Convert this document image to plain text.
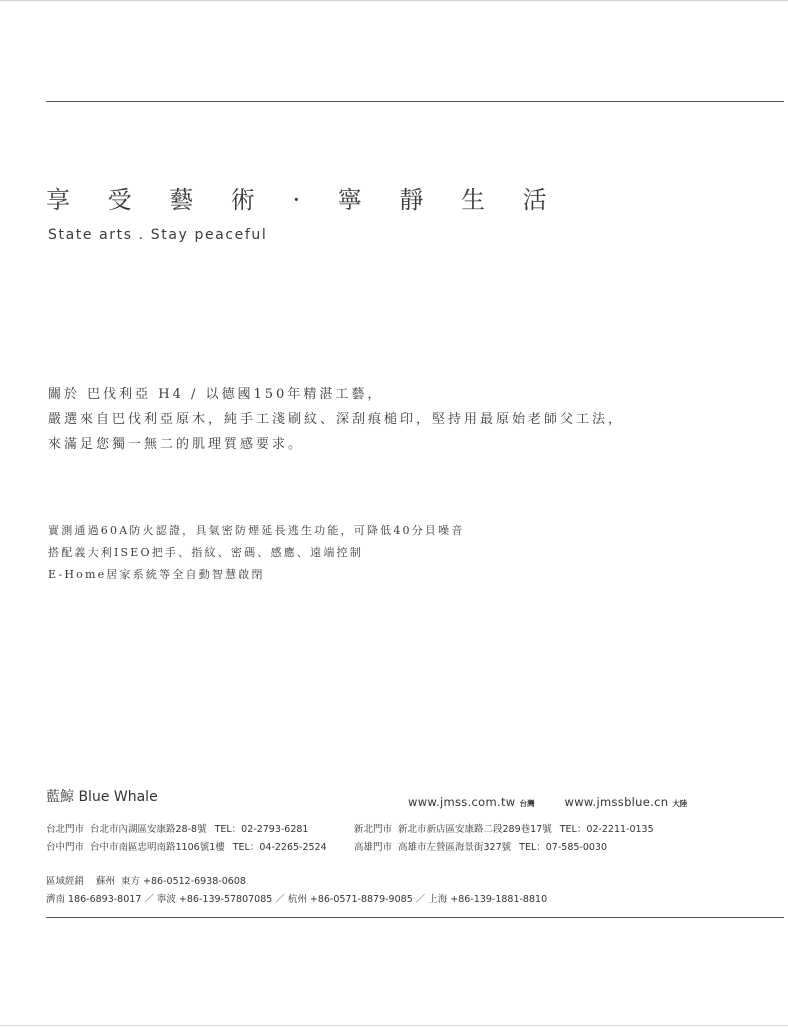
享 受 藝 術 · 寧 靜 生 活

State arts . Stay peaceful

關於 巴伐利亞 H4 / 以德國150年精湛工藝，
嚴選來自巴伐利亞原木，純手工淺刷紋、深刮痕槌印，堅持用最原始老師父工法，
來滿足您獨一無二的肌理質感要求。

實測通過60A防火認證，具氣密防煙延長逃生功能，可降低40分貝噪音
搭配義大利ISEO把手、指紋、密碼、感應、遠端控制
E-Home居家系統等全自動智慧啟閉

藍鯨 Blue Whale	www.jmss.com.tw 台灣	www.jmssblue.cn 大陸
台北門市 台北市內湖區安康路28-8號 TEL：02-2793-6281	新北門市 新北市新店區安康路二段289巷17號 TEL：02-2211-0135
台中門市 台中市南區忠明南路1106號1樓 TEL：04-2265-2524	高雄門市 高雄市左營區海景街327號 TEL：07-585-0030
區域經銷 蘇州 東方 +86-0512-6938-0608
濟南 186-6893-8017 ／ 寧波 +86-139-57807085 ／ 杭州 +86-0571-8879-9085 ／ 上海 +86-139-1881-8810
